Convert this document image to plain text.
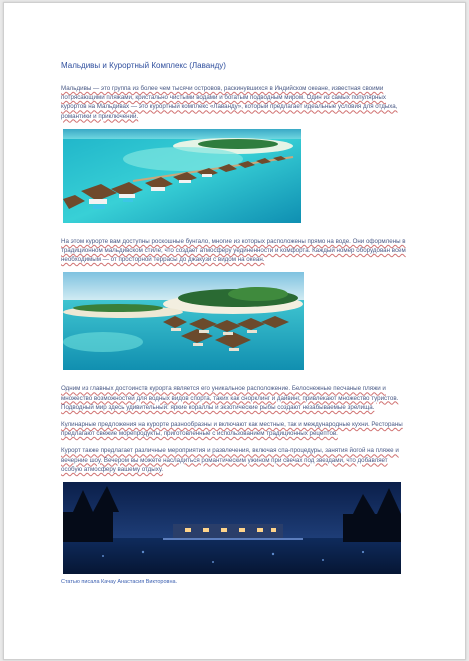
Мальдивы и Курортный Комплекс (Лаванду)

Мальдивы — это группа из более чем тысячи островов, раскинувшихся в Индийском океане, известная своими потрясающими пляжами, кристально чистыми водами и богатым подводным миром. Один из самых популярных курортов на Мальдивах — это курортный комплекс «Лаванду», который предлагает идеальные условия для отдыха, романтики и приключений.

На этом курорте вам доступны роскошные бунгало, многие из которых расположены прямо на воде. Они оформлены в традиционном мальдивском стиле, что создает атмосферу уединенности и комфорта. Каждый номер оборудован всем необходимым — от просторной террасы до джакузи с видом на океан.

Одним из главных достоинств курорта является его уникальное расположение. Белоснежные песчаные пляжи и множество возможностей для водных видов спорта, таких как снорклинг и дайвинг, привлекают множество туристов. Подводный мир здесь удивительный: яркие кораллы и экзотические рыбы создают незабываемые зрелища.

Кулинарные предложения на курорте разнообразны и включают как местные, так и международные кухни. Рестораны предлагают свежие морепродукты, приготовленные с использованием традиционных рецептов.

Курорт также предлагает различные мероприятия и развлечения, включая спа-процедуры, занятия йогой на пляже и вечерние шоу. Вечером вы можете насладиться романтическим ужином при свечах под звездами, что добавляет особую атмосферу вашему отдыху.

Статью писала Качау Анастасия Викторовна.
